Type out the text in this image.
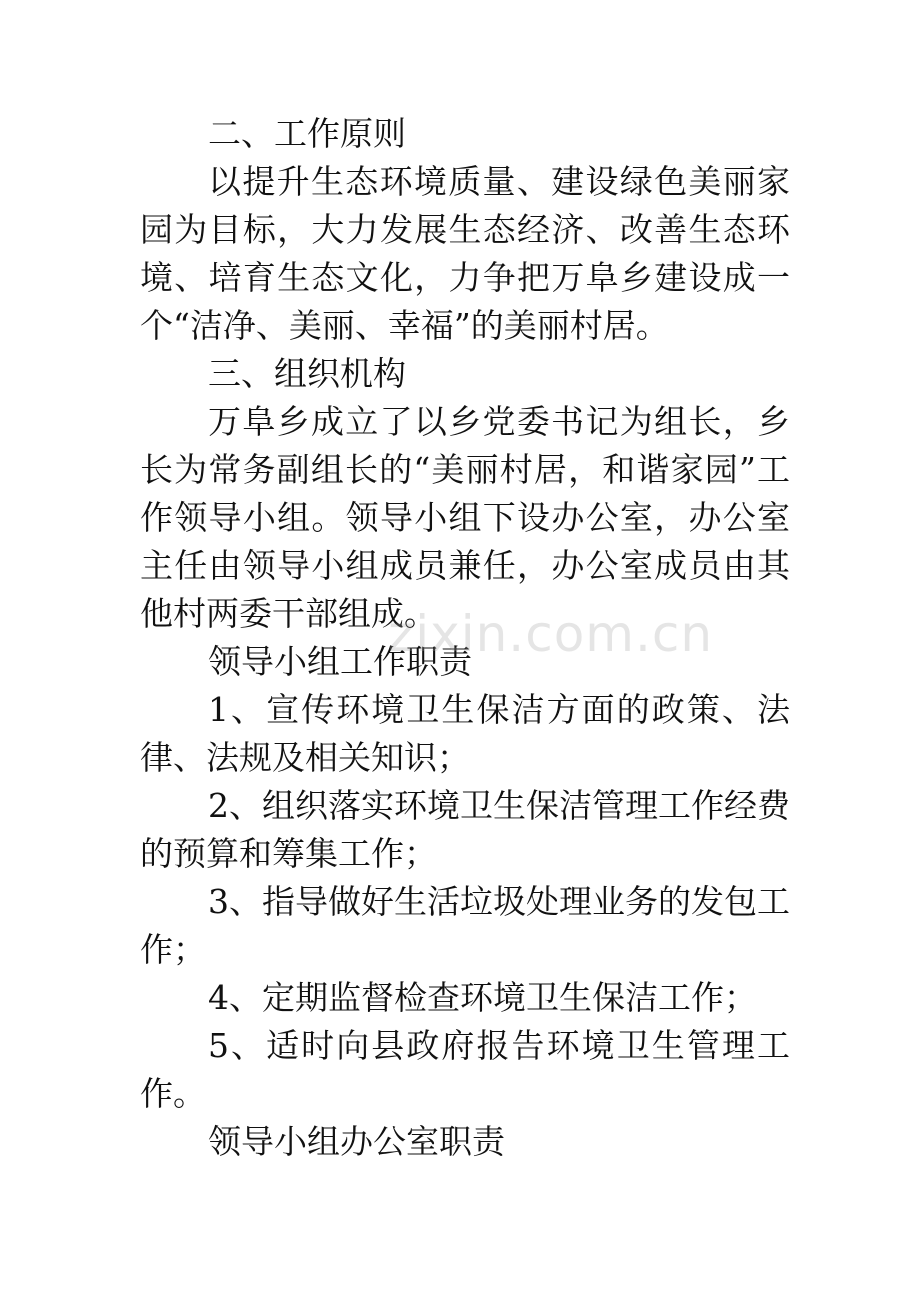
二、工作原则

以提升生态环境质量、建设绿色美丽家园为目标，大力发展生态经济、改善生态环境、培育生态文化，力争把万阜乡建设成一个“洁净、美丽、幸福”的美丽村居。

三、组织机构

万阜乡成立了以乡党委书记为组长，乡长为常务副组长的“美丽村居，和谐家园”工作领导小组。领导小组下设办公室，办公室主任由领导小组成员兼任，办公室成员由其他村两委干部组成。

领导小组工作职责

1、宣传环境卫生保洁方面的政策、法律、法规及相关知识；

2、组织落实环境卫生保洁管理工作经费的预算和筹集工作；

3、指导做好生活垃圾处理业务的发包工作；

4、定期监督检查环境卫生保洁工作；

5、适时向县政府报告环境卫生管理工作。

领导小组办公室职责

zixin.com.cn
